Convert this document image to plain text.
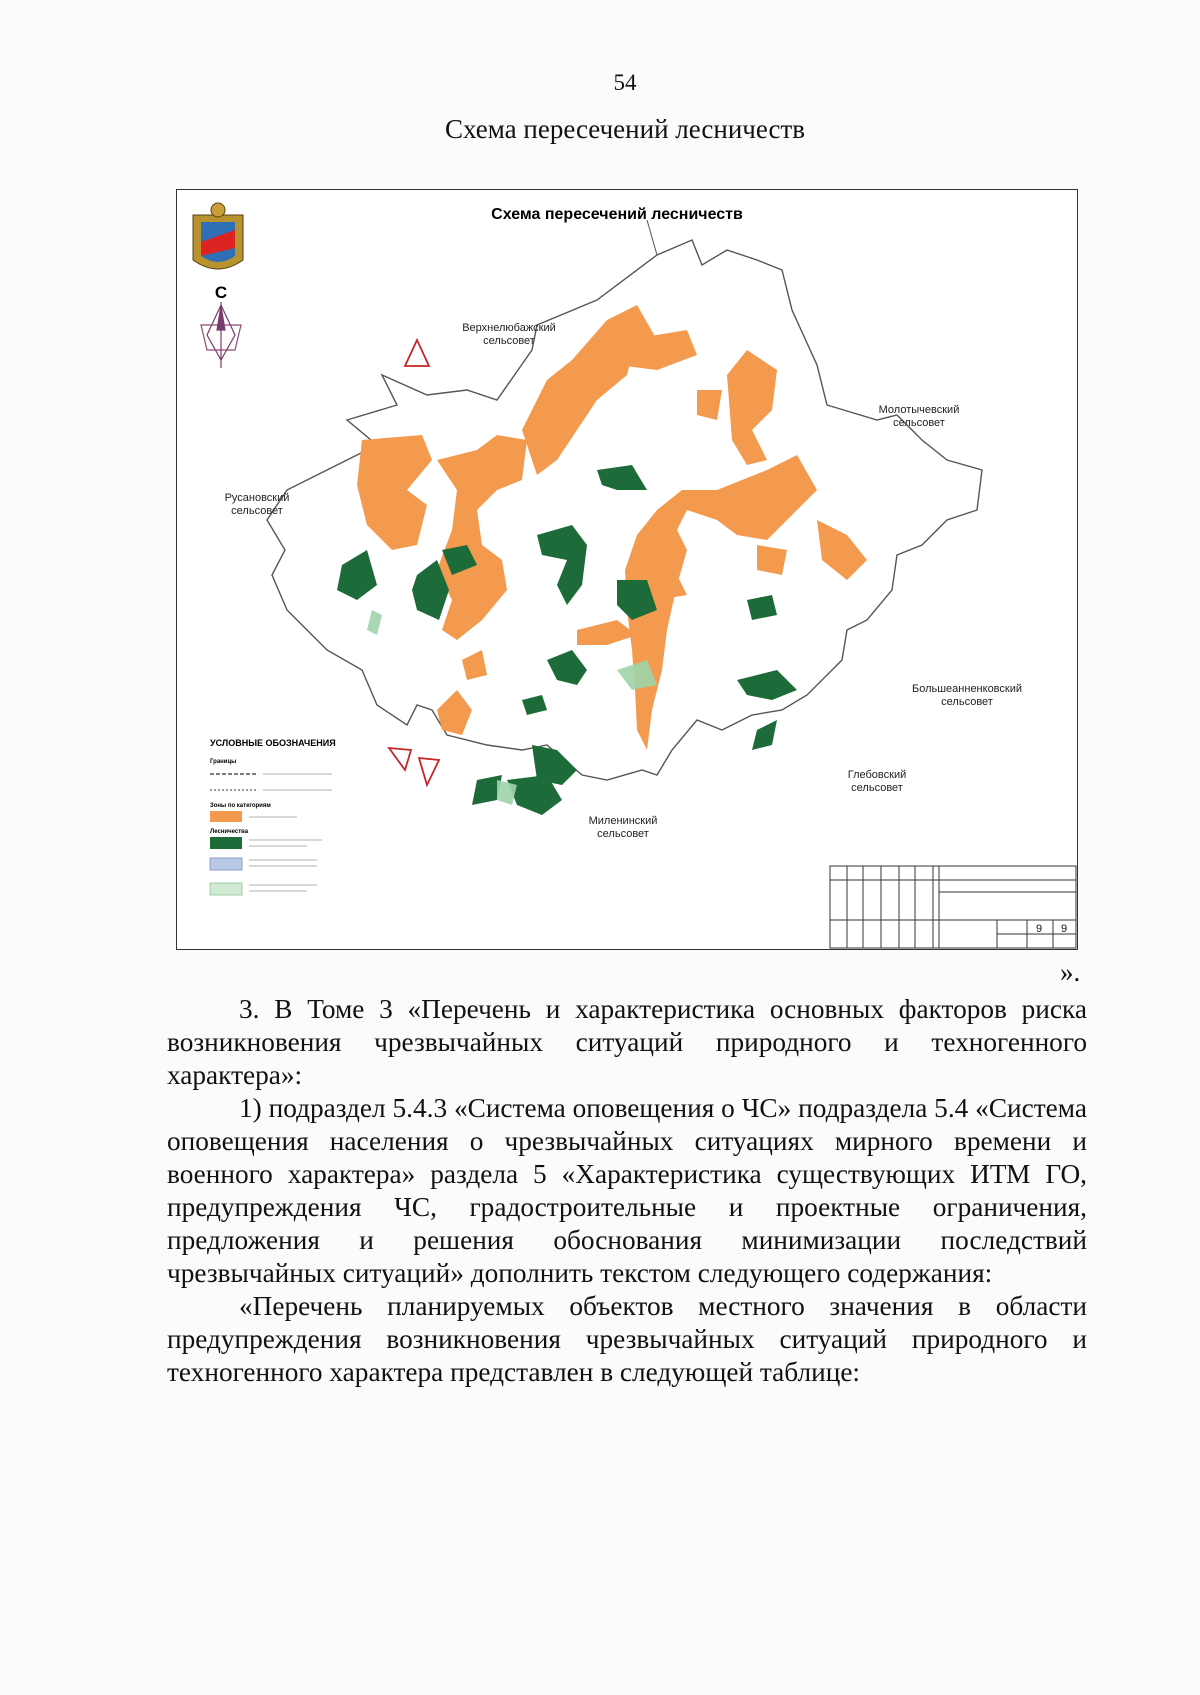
54
Схема пересечений лесничеств
Схема пересечений лесничеств
С
Верхнелюбажский
сельсовет
Молотычевский
сельсовет
Русановский
сельсовет
Большеанненковский
сельсовет
Глебовский
сельсовет
Миленинский
сельсовет
УСЛОВНЫЕ ОБОЗНАЧЕНИЯ
Границы
Зоны по категориям
Лесничества
9 9
».

3. В Томе 3 «Перечень и характеристика основных факторов риска возникновения чрезвычайных ситуаций природного и техногенного характера»:

1) подраздел 5.4.3 «Система оповещения о ЧС» подраздела 5.4 «Система оповещения населения о чрезвычайных ситуациях мирного времени и военного характера» раздела 5 «Характеристика существующих ИТМ ГО, предупреждения ЧС, градостроительные и проектные ограничения, предложения и решения обоснования минимизации последствий чрезвычайных ситуаций» дополнить текстом следующего содержания:

«Перечень планируемых объектов местного значения в области предупреждения возникновения чрезвычайных ситуаций природного и техногенного характера представлен в следующей таблице:
